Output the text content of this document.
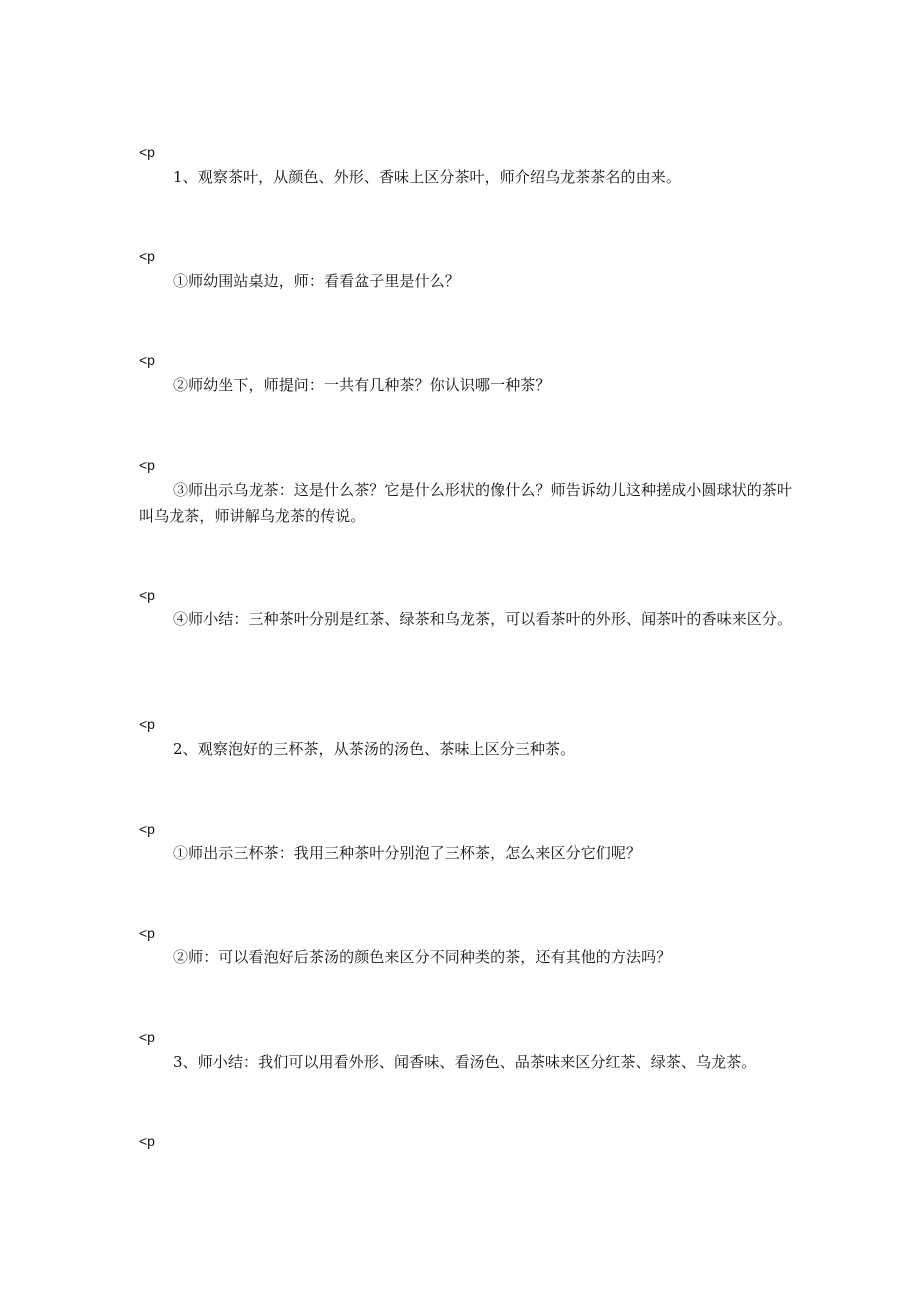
<p

1、观察茶叶，从颜色、外形、香味上区分茶叶，师介绍乌龙茶茶名的由来。

<p

①师幼围站桌边，师：看看盆子里是什么？

<p

②师幼坐下，师提问：一共有几种茶？你认识哪一种茶？

<p

③师出示乌龙茶：这是什么茶？它是什么形状的像什么？师告诉幼儿这种搓成小圆球状的茶叶叫乌龙茶，师讲解乌龙茶的传说。

<p

④师小结：三种茶叶分别是红茶、绿茶和乌龙茶，可以看茶叶的外形、闻茶叶的香味来区分。

<p

2、观察泡好的三杯茶，从茶汤的汤色、茶味上区分三种茶。

<p

①师出示三杯茶：我用三种茶叶分别泡了三杯茶，怎么来区分它们呢？

<p

②师：可以看泡好后茶汤的颜色来区分不同种类的茶，还有其他的方法吗？

<p

3、师小结：我们可以用看外形、闻香味、看汤色、品茶味来区分红茶、绿茶、乌龙茶。

<p
